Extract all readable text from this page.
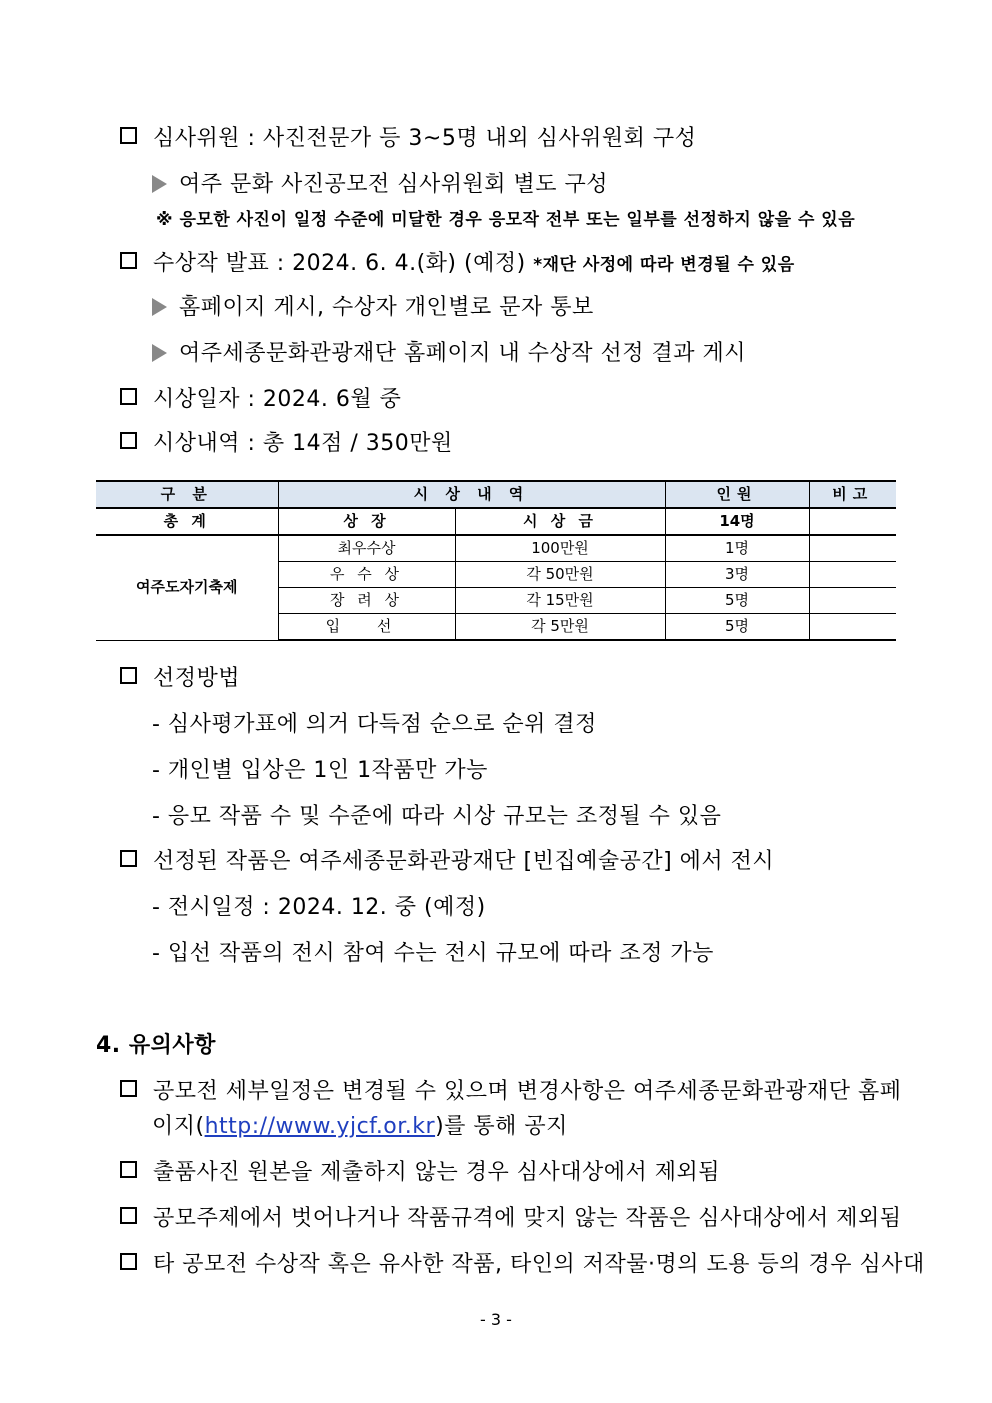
심사위원 : 사진전문가 등 3~5명 내외 심사위원회 구성
여주 문화 사진공모전 심사위원회 별도 구성
※ 응모한 사진이 일정 수준에 미달한 경우 응모작 전부 또는 일부를 선정하지 않을 수 있음
수상작 발표 : 2024. 6. 4.(화) (예정) *재단 사정에 따라 변경될 수 있음
홈페이지 게시, 수상자 개인별로 문자 통보
여주세종문화관광재단 홈페이지 내 수상작 선정 결과 게시
시상일자 : 2024. 6월 중
시상내역 : 총 14점 / 350만원
구 분	시 상 내 역		인원	비고
총 계	상 장	시 상 금	14명	
여주도자기축제	최우수상	100만원	1명	
	우 수 상	각 50만원	3명	
	장 려 상	각 15만원	5명	
	입 선	각 5만원	5명	
선정방법
- 심사평가표에 의거 다득점 순으로 순위 결정
- 개인별 입상은 1인 1작품만 가능
- 응모 작품 수 및 수준에 따라 시상 규모는 조정될 수 있음
선정된 작품은 여주세종문화관광재단 [빈집예술공간] 에서 전시
- 전시일정 : 2024. 12. 중 (예정)
- 입선 작품의 전시 참여 수는 전시 규모에 따라 조정 가능
4. 유의사항
공모전 세부일정은 변경될 수 있으며 변경사항은 여주세종문화관광재단 홈페
이지(http://www.yjcf.or.kr)를 통해 공지
출품사진 원본을 제출하지 않는 경우 심사대상에서 제외됨
공모주제에서 벗어나거나 작품규격에 맞지 않는 작품은 심사대상에서 제외됨
타 공모전 수상작 혹은 유사한 작품, 타인의 저작물·명의 도용 등의 경우 심사대
- 3 -
